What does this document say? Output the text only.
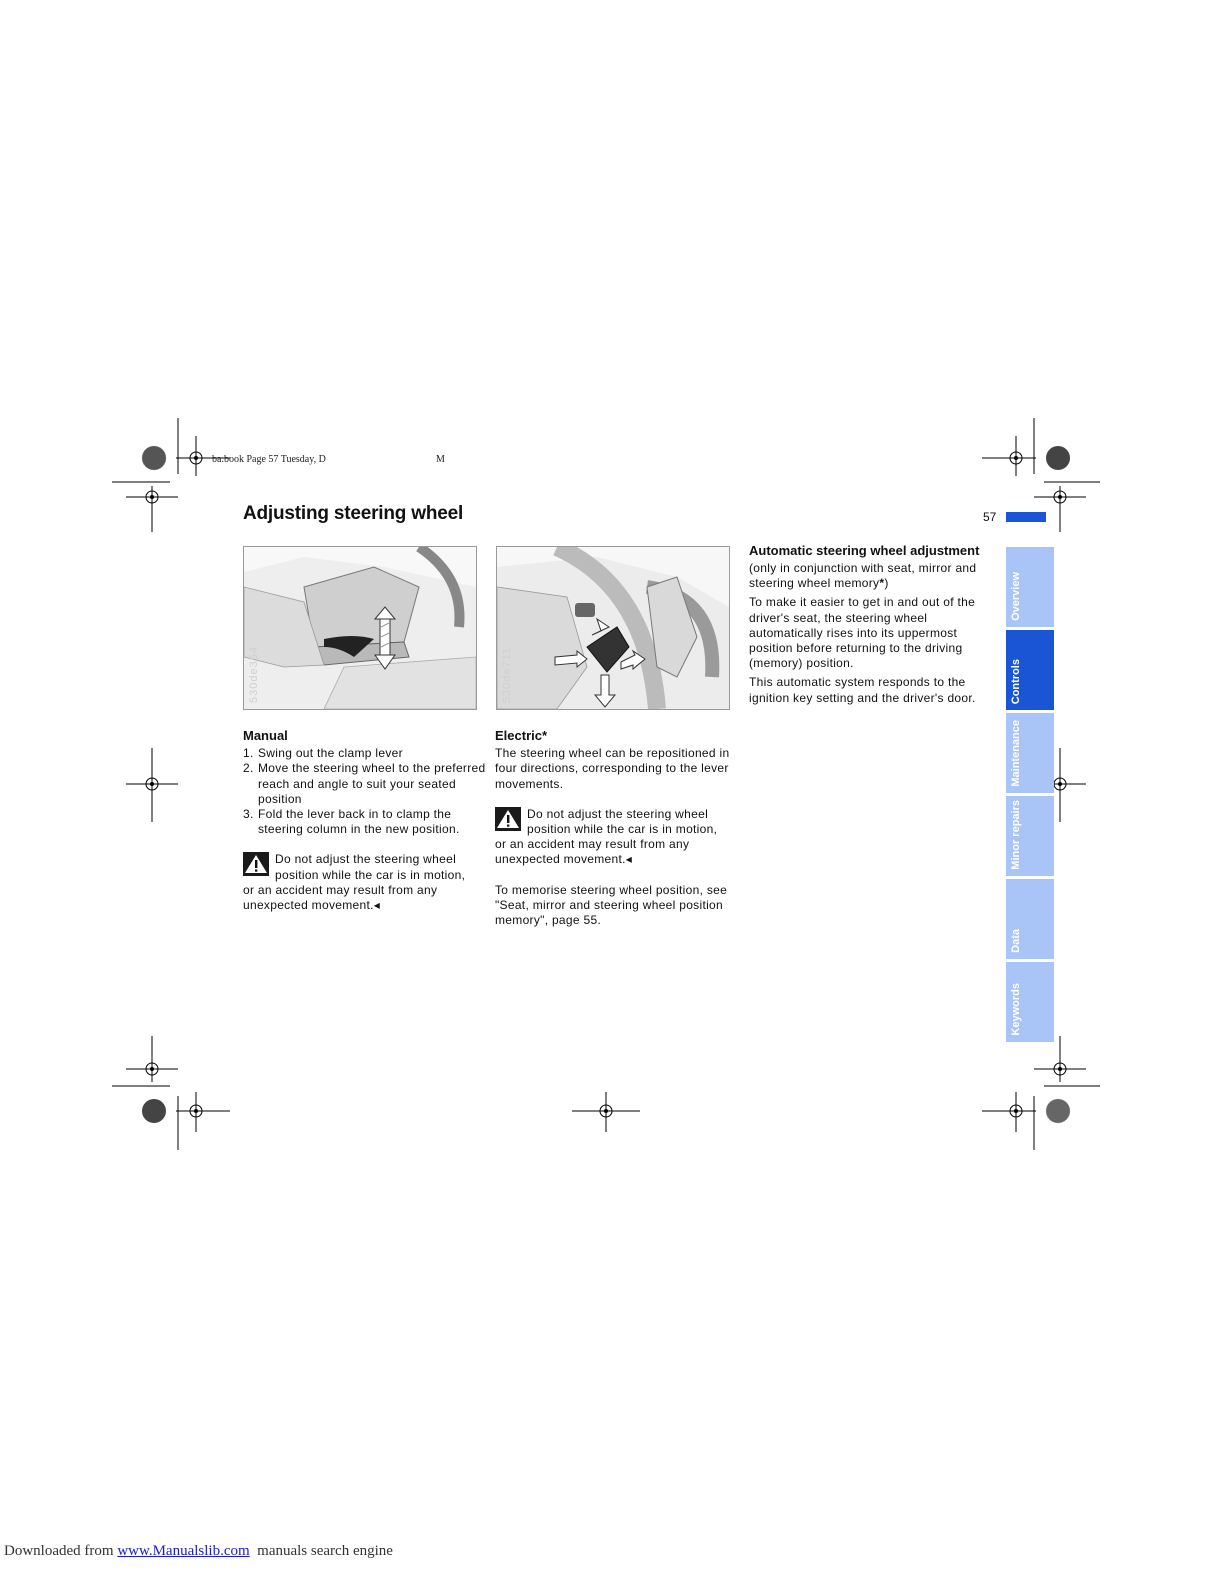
ba.book Page 57 Tuesday, D	M
Adjusting steering wheel	57
530de354	530de711
Manual
1. Swing out the clamp lever
2. Move the steering wheel to the preferred reach and angle to suit your seated position
3. Fold the lever back in to clamp the steering column in the new position.
Do not adjust the steering wheel position while the car is in motion,
or an accident may result from any unexpected movement.◂
Electric*

The steering wheel can be repositioned in four directions, corresponding to the lever movements.

Do not adjust the steering wheel position while the car is in motion,
or an accident may result from any unexpected movement.◂

To memorise steering wheel position, see "Seat, mirror and steering wheel position memory", page 55.

Automatic steering wheel adjustment

(only in conjunction with seat, mirror and steering wheel memory*)

To make it easier to get in and out of the driver's seat, the steering wheel automatically rises into its uppermost position before returning to the driving (memory) position.

This automatic system responds to the ignition key setting and the driver's door.

Overview
Controls
Maintenance
Minor repairs
Data
Keywords
Downloaded from www.Manualslib.com  manuals search engine
